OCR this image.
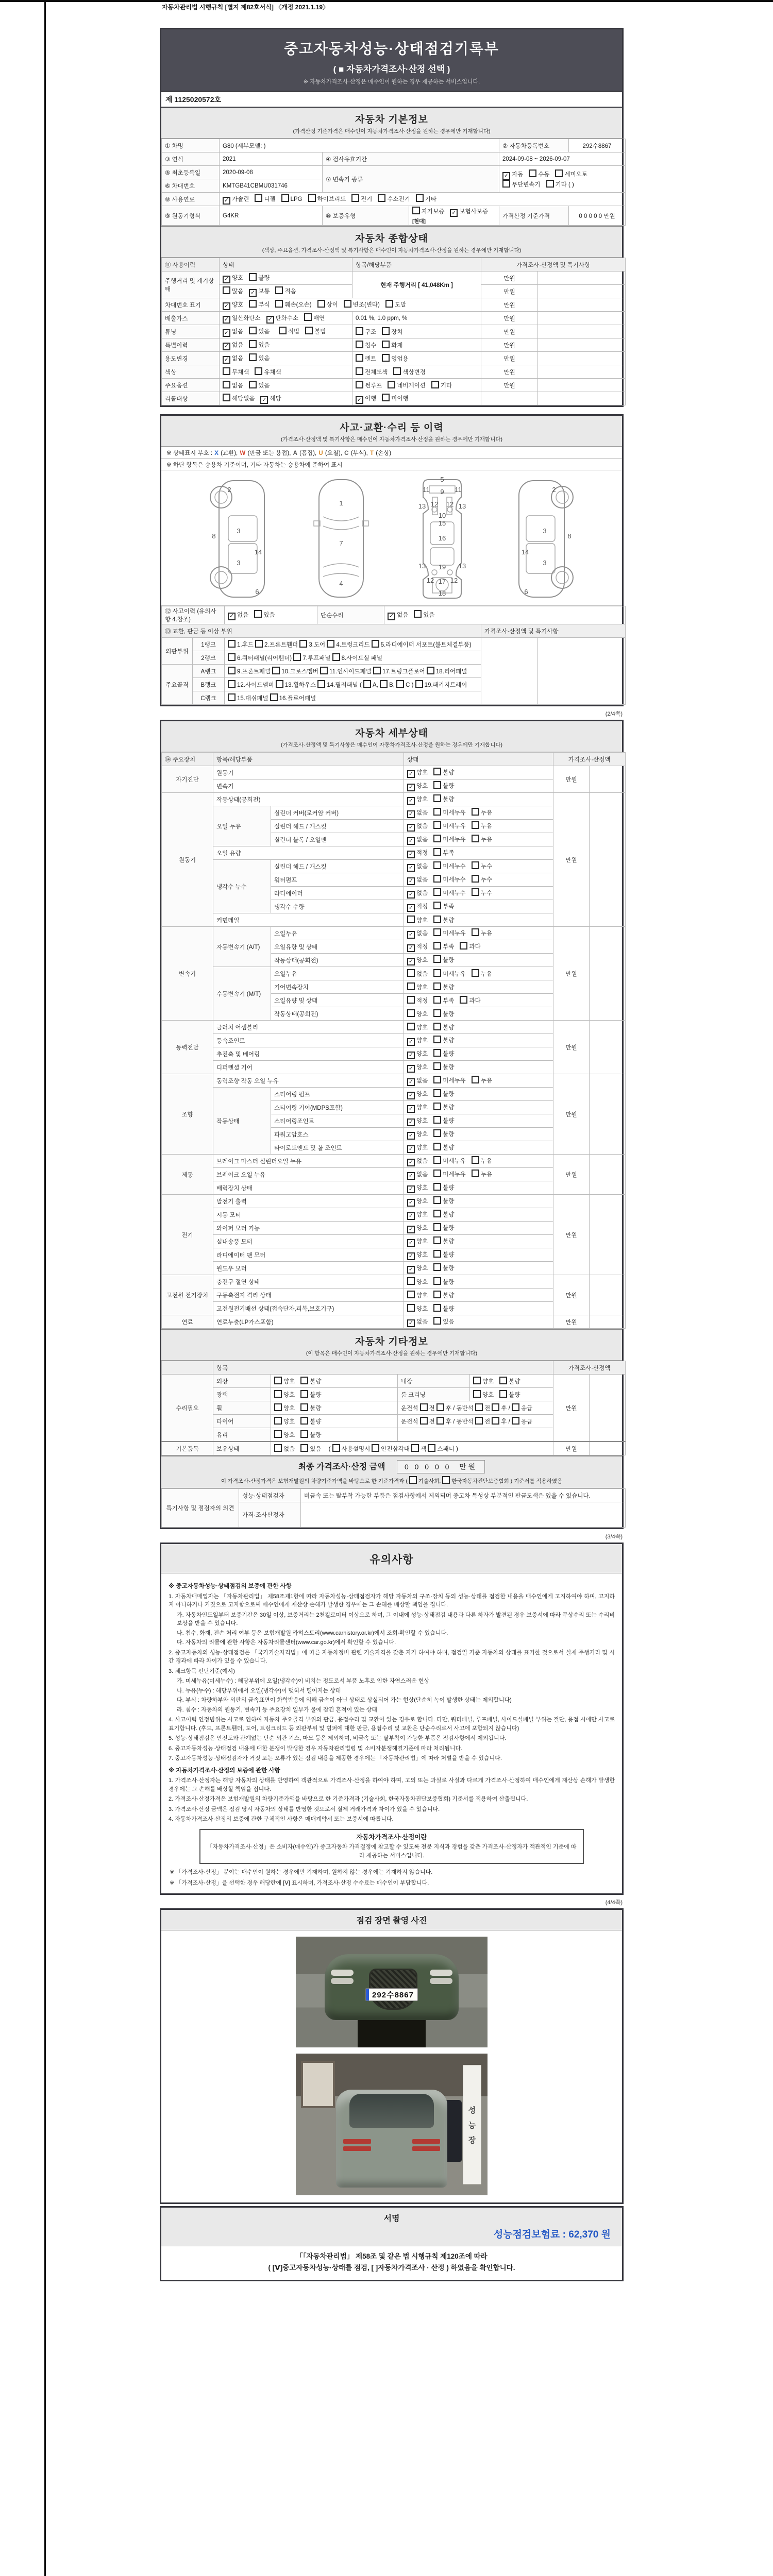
자동차관리법 시행규칙 [별지 제82호서식] 〈개정 2021.1.19〉
중고자동차성능·상태점검기록부
( ■ 자동차가격조사·산정 선택 )
※ 자동차가격조사·산정은 매수인이 원하는 경우 제공하는 서비스입니다.
제 1125020572호
자동차 기본정보
(가격산정 기준가격은 매수인이 자동차가격조사·산정을 원하는 경우에만 기재합니다)
① 차명	G80 (세부모델: )			② 자동차등록번호	292수8867
③ 연식	2021	④ 검사유효기간		2024-09-08 ~ 2026-09-07	
⑤ 최초등록일	2020-09-08	⑦ 변속기 종류		✓ 자동 수동 세미오토
무단변속기 기타 ( )	
⑥ 차대번호	KMTGB41CBMU031746				
⑧ 사용연료	✓ 가솔린 디젤 LPG 하이브리드 전기 수소전기 기타				
⑨ 원동기형식	G4KR	⑩ 보증유형	자가보증 ✓ 보험사보증 [현대]	가격산정 기준가격	0 0 0 0 0 만원
자동차 종합상태
(색상, 주요옵션, 가격조사·산정액 및 특기사항은 매수인이 자동차가격조사·산정을 원하는 경우에만 기재합니다)
⑪ 사용이력	상태	항목/해당부품	가격조사·산정액 및 특기사항	
주행거리 및 계기상태	✓ 양호 불량	현재 주행거리 [ 41,048Km ]	만원	
	많음 ✓ 보통 적음		만원	
차대번호 표기	✓ 양호 부식 훼손(오손) 상이 변조(변타) 도말		만원	
배출가스	✓ 일산화탄소 ✓ 탄화수소 매연	0.01 %, 1.0 ppm, %	만원	
튜닝	✓ 없음 있음 적법 불법	구조 장치	만원	
특별이력	✓ 없음 있음	침수 화재	만원	
용도변경	✓ 없음 있음	렌트 영업용	만원	
색상	무채색 유채색	전체도색 색상변경	만원	
주요옵션	없음 있음	썬루프 네비게이션 기타	만원	
리콜대상	해당없음 ✓ 해당	✓ 이행 미이행		
사고·교환·수리 등 이력
(가격조사·산정액 및 특기사항은 매수인이 자동차가격조사·산정을 원하는 경우에만 기재합니다)
※ 상태표시 부호 : X (교환), W (판금 또는 용접), A (흠집), U (요철), C (부식), T (손상)
※ 하단 항목은 승용차 기준이며, 기타 자동차는 승용차에 준하여 표시
2
8
3
14
3
6
1
7
4
5
11 9 11
13 12 12 13
10
15
16
13 19 13
12 17 12
18
2
8
3
14
3
6
⑫ 사고이력 (유의사항 4.참조)		✓ 없음 있음	단순수리	✓ 없음 있음		
⑬ 교환, 판금 등 이상 부위					가격조사·산정액 및 특기사항	
외판부위	1랭크	1.후드 2.프론트휀더 3.도어 4.트렁크리드 5.라디에이터 서포트(볼트체결부품)				
	2랭크	6.쿼터패널(리어휀더) 7.루프패널 8.사이드실 패널				
주요골격	A랭크	9.프론트패널 10.크로스멤버 11.인사이드패널 17.트렁크플로어 18.리어패널				
	B랭크	12.사이드멤버 13.휠하우스 14.필러패널 ( A, B, C ) 19.패키지트레이				
	C랭크	15.대쉬패널 16.플로어패널				
(2/4쪽)
자동차 세부상태
(가격조사·산정액 및 특기사항은 매수인이 자동차가격조사·산정을 원하는 경우에만 기재합니다)
⑭ 주요장치	항목/해당부품		상태	가격조사·산정액	
자기진단	원동기		✓ 양호 불량	만원	
	변속기		✓ 양호 불량		
원동기	작동상태(공회전)		✓ 양호 불량	만원	
	오일 누유	실린더 커버(로커암 커버)	✓ 없음 미세누유 누유		
		실린더 헤드 / 개스킷	✓ 없음 미세누유 누유		
		실린더 블록 / 오일팬	✓ 없음 미세누유 누유		
	오일 유량		✓ 적정 부족		
	냉각수 누수	실린더 헤드 / 개스킷	✓ 없음 미세누수 누수		
		워터펌프	✓ 없음 미세누수 누수		
		라디에이터	✓ 없음 미세누수 누수		
		냉각수 수량	✓ 적정 부족		
	커먼레일		양호 불량		
변속기	자동변속기 (A/T)	오일누유	✓ 없음 미세누유 누유	만원	
		오일유량 및 상태	✓ 적정 부족 과다		
		작동상태(공회전)	✓ 양호 불량		
	수동변속기 (M/T)	오일누유	없음 미세누유 누유		
		기어변속장치	양호 불량		
		오일유량 및 상태	적정 부족 과다		
		작동상태(공회전)	양호 불량		
동력전달	클러치 어셈블리		양호 불량	만원	
	등속조인트		✓ 양호 불량		
	추진축 및 베어링		✓ 양호 불량		
	디퍼렌셜 기어		✓ 양호 불량		
조향	동력조향 작동 오일 누유		✓ 없음 미세누유 누유	만원	
	작동상태	스티어링 펌프	✓ 양호 불량		
		스티어링 기어(MDPS포함)	✓ 양호 불량		
		스티어링조인트	✓ 양호 불량		
		파워고압호스	✓ 양호 불량		
		타이로드엔드 및 볼 조인트	✓ 양호 불량		
제동	브레이크 마스터 실린더오일 누유		✓ 없음 미세누유 누유	만원	
	브레이크 오일 누유		✓ 없음 미세누유 누유		
	배력장치 상태		✓ 양호 불량		
전기	발전기 출력		✓ 양호 불량	만원	
	시동 모터		✓ 양호 불량		
	와이퍼 모터 기능		✓ 양호 불량		
	실내송풍 모터		✓ 양호 불량		
	라디에이터 팬 모터		✓ 양호 불량		
	윈도우 모터		✓ 양호 불량		
고전원 전기장치	충전구 절연 상태		양호 불량	만원	
	구동축전지 격리 상태		양호 불량		
	고전원전기배선 상태(접속단자,피복,보호기구)		양호 불량		
연료	연료누출(LP가스포함)		✓ 없음 있음	만원	
자동차 기타정보
(이 항목은 매수인이 자동차가격조사·산정을 원하는 경우에만 기재합니다)
	항목				가격조사·산정액	
수리필요	외장	양호 불량	내장	양호 불량	만원	
	광택	양호 불량	룸 크리닝	양호 불량		
	휠	양호 불량	운전석 전 후 / 동반석 전 후 / 응급			
	타이어	양호 불량	운전석 전 후 / 동반석 전 후 / 응급			
	유리	양호 불량				
기본품목	보유상태	없음 있음 ( 사용설명서 안전삼각대 잭 스패너 )			만원	
최종 가격조사·산정 금액	0 0 0 0 0 만원
이 가격조사·산정가격은 보험개발원의 차량기준가액을 바탕으로 한 기준가격과 ( 기술사회, 한국자동차진단보증협회 ) 기준서를 적용하였음
특기사항 및 점검자의 의견	성능·상태점검자	비금속 또는 탈부착 가능한 부품은 점검사항에서 제외되며 중고차 특성상 부분적인 판금도색은 있을 수 있습니다.
	가격·조사산정자	
(3/4쪽)
유의사항
※ 중고자동차성능·상태점검의 보증에 관한 사항
1. 자동차매매업자는 「자동차관리법」 제58조제1항에 따라 자동차성능·상태점검자가 해당 자동차의 구조·장치 등의 성능·상태를 점검한 내용을 매수인에게 고지하여야 하며, 고지하지 아니하거나 거짓으로 고지함으로써 매수인에게 재산상 손해가 발생한 경우에는 그 손해를 배상할 책임을 집니다.
가. 자동차인도일부터 보증기간은 30일 이상, 보증거리는 2천킬로미터 이상으로 하며, 그 이내에 성능·상태점검 내용과 다른 하자가 발견된 경우 보증서에 따라 무상수리 또는 수리비 보상을 받을 수 있습니다.
나. 침수, 화재, 전손 처리 여부 등은 보험개발원 카히스토리(www.carhistory.or.kr)에서 조회·확인할 수 있습니다.
다. 자동차의 리콜에 관한 사항은 자동차리콜센터(www.car.go.kr)에서 확인할 수 있습니다.
2. 중고자동차의 성능·상태점검은 「국가기술자격법」에 따른 자동차정비 관련 기술자격을 갖춘 자가 하여야 하며, 점검일 기준 자동차의 상태를 표기한 것으로서 실제 주행거리 및 시간 경과에 따라 차이가 있을 수 있습니다.
3. 체크항목 판단기준(예시)
가. 미세누유(미세누수) : 해당부위에 오일(냉각수)이 비치는 정도로서 부품 노후로 인한 자연스러운 현상
나. 누유(누수) : 해당부위에서 오일(냉각수)이 맺혀서 떨어지는 상태
다. 부식 : 차량하부와 외판의 금속표면이 화학반응에 의해 금속이 아닌 상태로 상실되어 가는 현상(단순히 녹이 발생한 상태는 제외합니다)
라. 침수 : 자동차의 원동기, 변속기 등 주요장치 일부가 물에 잠긴 흔적이 있는 상태
4. 사고이력 인정범위는 사고로 인하여 자동차 주요골격 부위의 판금, 용접수리 및 교환이 있는 경우로 합니다. 다만, 쿼터패널, 루프패널, 사이드실패널 부위는 절단, 용접 시에만 사고로 표기합니다. (후드, 프론트휀더, 도어, 트렁크리드 등 외판부위 및 범퍼에 대한 판금, 용접수리 및 교환은 단순수리로서 사고에 포함되지 않습니다)
5. 성능·상태점검은 안전도와 관계없는 단순 외관 기스, 마모 등은 제외하며, 비금속 또는 탈부착이 가능한 부품은 점검사항에서 제외됩니다.
6. 중고자동차성능·상태점검 내용에 대한 분쟁이 발생한 경우 자동차관리법령 및 소비자분쟁해결기준에 따라 처리됩니다.
7. 중고자동차성능·상태점검자가 거짓 또는 오류가 있는 점검 내용을 제공한 경우에는 「자동차관리법」에 따라 처벌을 받을 수 있습니다.
※ 자동차가격조사·산정의 보증에 관한 사항
1. 가격조사·산정자는 해당 자동차의 상태를 반영하여 객관적으로 가격조사·산정을 하여야 하며, 고의 또는 과실로 사실과 다르게 가격조사·산정하여 매수인에게 재산상 손해가 발생한 경우에는 그 손해를 배상할 책임을 집니다.
2. 가격조사·산정가격은 보험개발원의 차량기준가액을 바탕으로 한 기준가격과 (기술사회, 한국자동차진단보증협회) 기준서를 적용하여 산출됩니다.
3. 가격조사·산정 금액은 점검 당시 자동차의 상태를 반영한 것으로서 실제 거래가격과 차이가 있을 수 있습니다.
4. 자동차가격조사·산정의 보증에 관한 구체적인 사항은 매매계약서 또는 보증서에 따릅니다.
자동차가격조사·산정이란
「자동차가격조사·산정」은 소비자(매수인)가 중고자동차 가격결정에 참고할 수 있도록 전문 지식과 경험을 갖춘 가격조사·산정자가 객관적인 기준에 따라 제공하는 서비스입니다.
※ 「가격조사·산정」 분야는 매수인이 원하는 경우에만 기재하며, 원하지 않는 경우에는 기재하지 않습니다.
※ 「가격조사·산정」을 선택한 경우 해당란에 [Ⅴ] 표시하며, 가격조사·산정 수수료는 매수인이 부담합니다.
(4/4쪽)
점검 장면 촬영 사진
292수8867
성
능
장
서명
성능점검보험료 : 62,370 원
「「자동차관리법」 제58조 및 같은 법 시행규칙 제120조에 따라
( [Ⅴ]중고자동차성능·상태를 점검, [ ]자동차가격조사 · 산정 ) 하였음을 확인합니다.
